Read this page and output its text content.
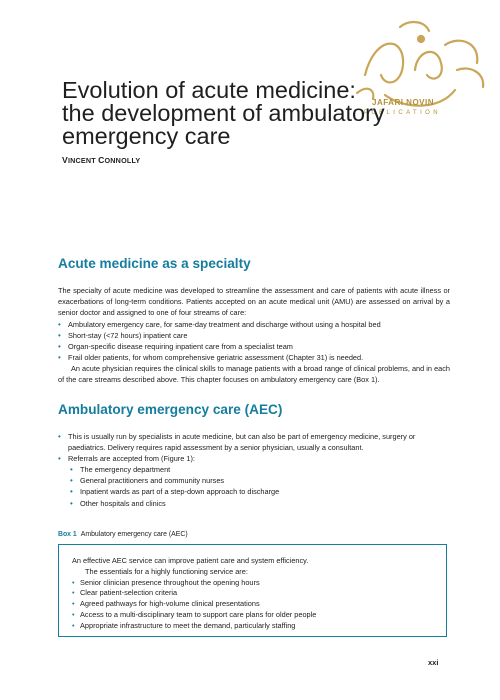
JAFARI NOVIN
PUBLICATION
Evolution of acute medicine:
the development of ambulatory
emergency care
VINCENT CONNOLLY
Acute medicine as a specialty
The specialty of acute medicine was developed to streamline the assessment and care of patients with acute illness or exacerbations of long-term conditions. Patients accepted on an acute medical unit (AMU) are assessed on arrival by a senior doctor and assigned to one of four streams of care:
• Ambulatory emergency care, for same-day treatment and discharge without using a hospital bed
• Short-stay (<72 hours) inpatient care
• Organ-specific disease requiring inpatient care from a specialist team
• Frail older patients, for whom comprehensive geriatric assessment (Chapter 31) is needed.
An acute physician requires the clinical skills to manage patients with a broad range of clinical problems, and in each of the care streams described above. This chapter focuses on ambulatory emergency care (Box 1).
Ambulatory emergency care (AEC)
• This is usually run by specialists in acute medicine, but can also be part of emergency medicine, surgery or paediatrics. Delivery requires rapid assessment by a senior physician, usually a consultant.
• Referrals are accepted from (Figure 1):
• The emergency department
• General practitioners and community nurses
• Inpatient wards as part of a step-down approach to discharge
• Other hospitals and clinics
Box 1 Ambulatory emergency care (AEC)
An effective AEC service can improve patient care and system efficiency.
The essentials for a highly functioning service are:
• Senior clinician presence throughout the opening hours
• Clear patient-selection criteria
• Agreed pathways for high-volume clinical presentations
• Access to a multi-disciplinary team to support care plans for older people
• Appropriate infrastructure to meet the demand, particularly staffing
xxi
